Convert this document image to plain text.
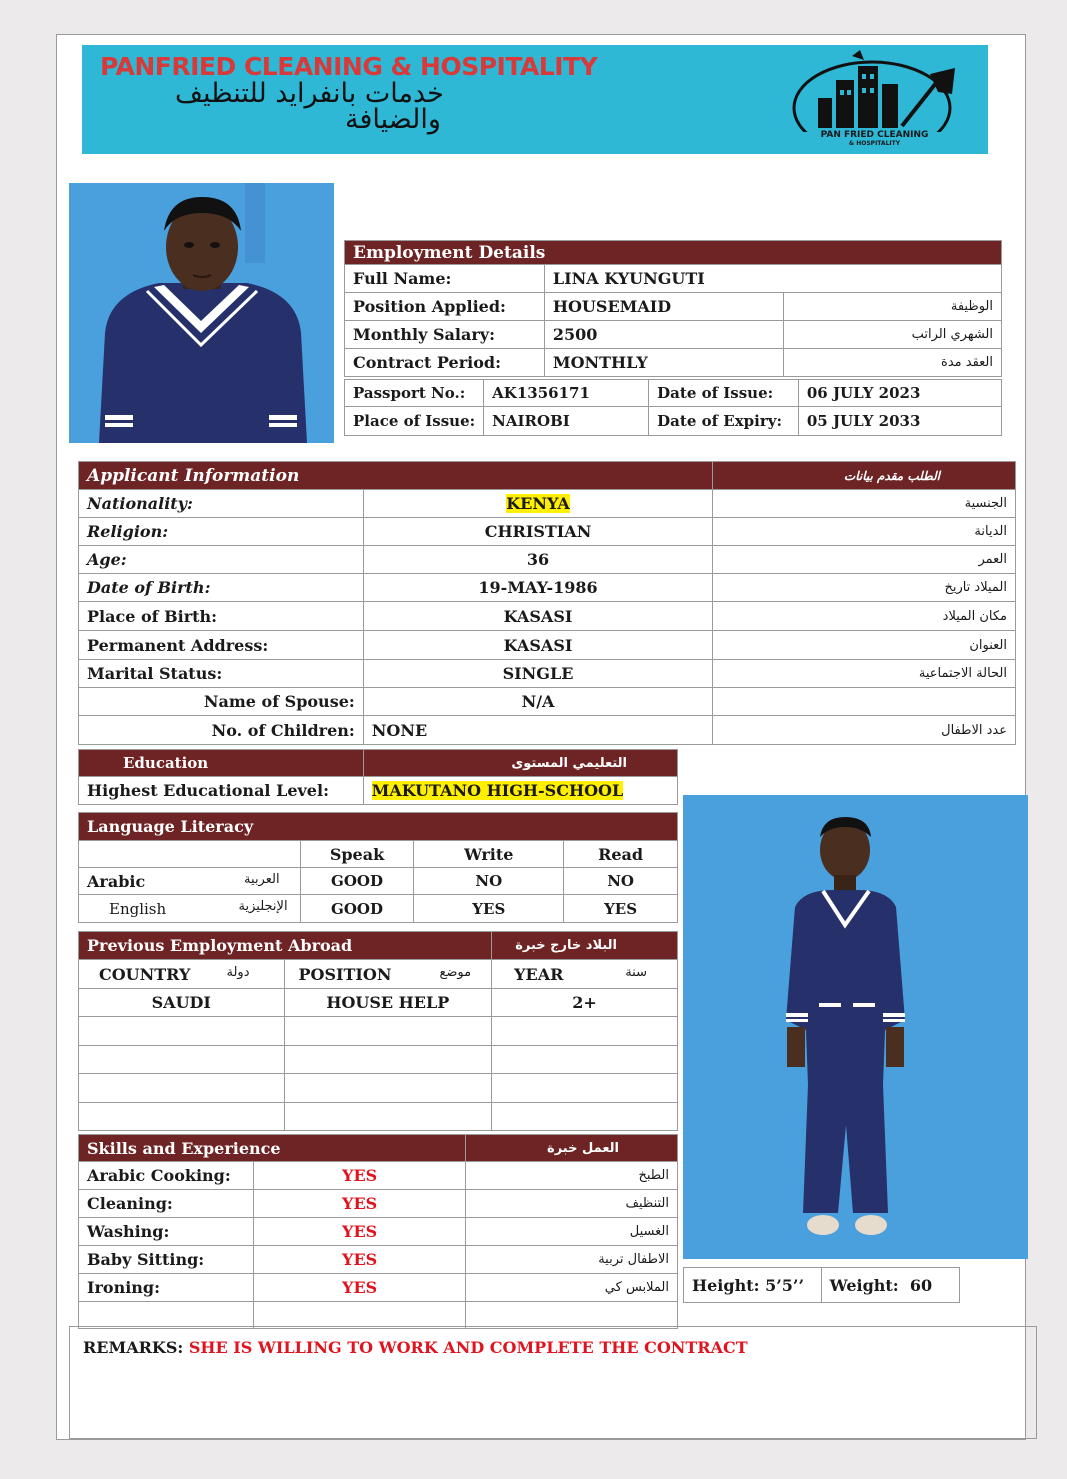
PANFRIED CLEANING & HOSPITALITY
خدمات بانفرايد للتنظيف
والضيافة	PAN FRIED CLEANING
& HOSPITALITY
Employment Details		
Full Name:	LINA KYUNGUTI	
Position Applied:	HOUSEMAID	الوظيفة
Monthly Salary:	2500	الشهري الراتب
Contract Period:	MONTHLY	العقد مدة
Passport No.:	AK1356171	Date of Issue:	06 JULY 2023
Place of Issue:	NAIROBI	Date of Expiry:	05 JULY 2033
Applicant Information		الطلب مقدم بيانات
Nationality:	KENYA	الجنسية
Religion:	CHRISTIAN	الديانة
Age:	36	العمر
Date of Birth:	19-MAY-1986	الميلاد تاريخ
Place of Birth:	KASASI	مكان الميلاد
Permanent Address:	KASASI	العنوان
Marital Status:	SINGLE	الحالة الاجتماعية
Name of Spouse:	N/A	
No. of Children:	NONE	عدد الاطفال
Education	التعليمي المستوى
Highest Educational Level:	MAKUTANO HIGH-SCHOOL
Language Literacy			
	Speak	Write	Read
Arabic العربية	GOOD	NO	NO
English الإنجليزية	GOOD	YES	YES
Previous Employment Abroad		البلاد خارج خبرة
COUNTRY دولة	POSITION موضع	YEAR سنة

SAUDI	HOUSE HELP	2+

Skills and Experience		العمل خبرة
Arabic Cooking:	YES	الطبخ
Cleaning:	YES	التنظيف
Washing:	YES	الغسيل
Baby Sitting:	YES	الاطفال تربية
Ironing:	YES	الملابس كي
		Height: 5’5’’	Weight: 60
REMARKS: SHE IS WILLING TO WORK AND COMPLETE THE CONTRACT
